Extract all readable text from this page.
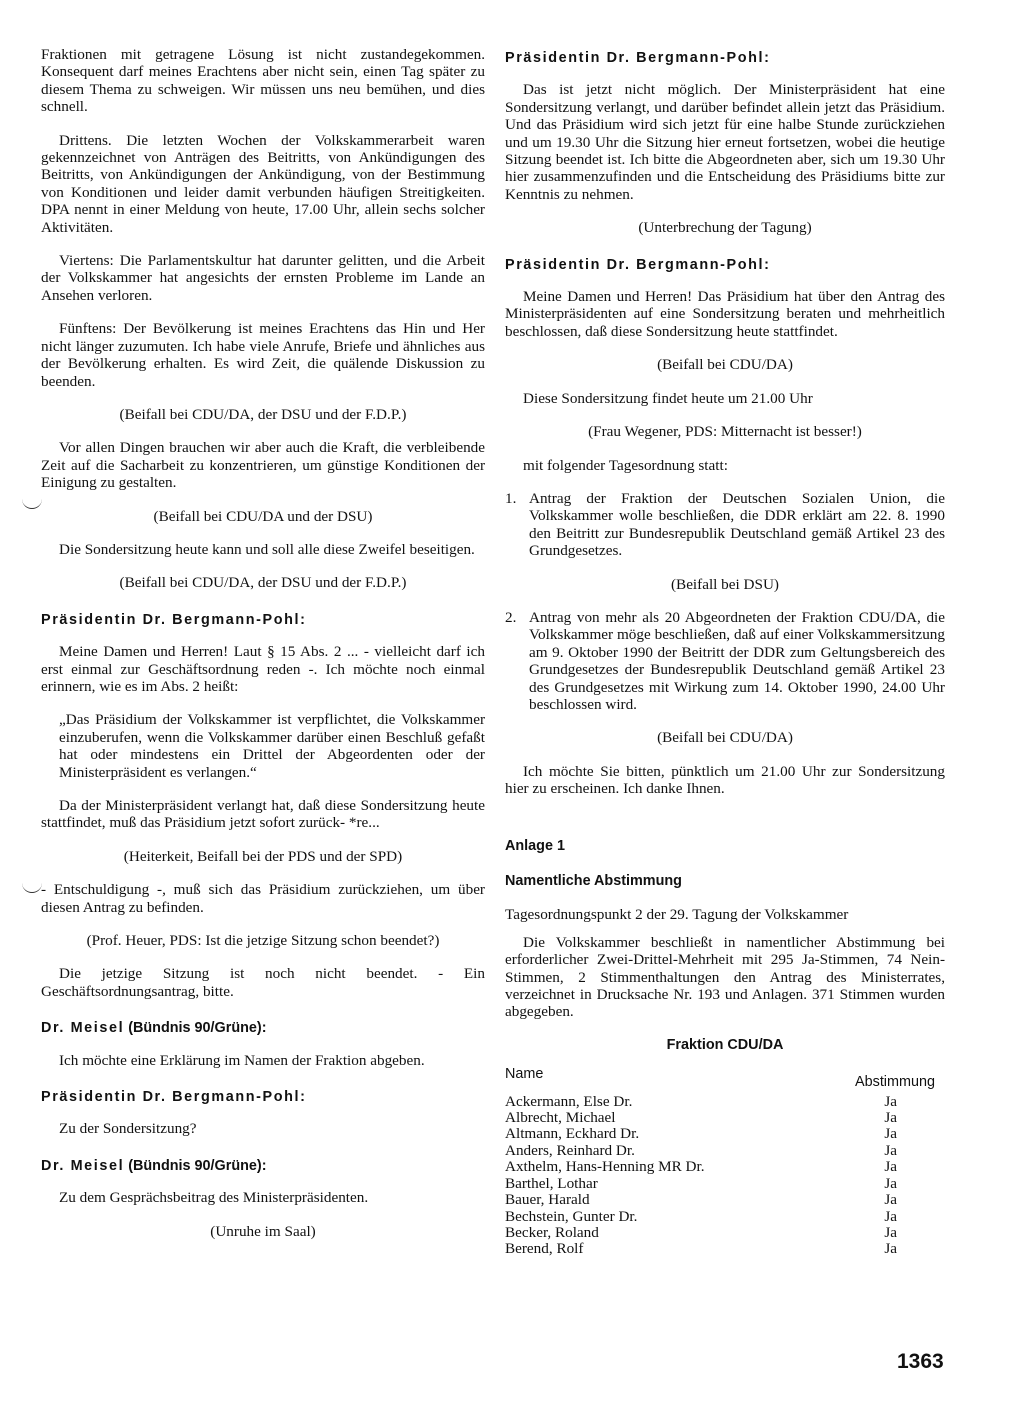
Fraktionen mit getragene Lösung ist nicht zustandegekommen. Konsequent darf meines Erachtens aber nicht sein, einen Tag später zu diesem Thema zu schweigen. Wir müssen uns neu bemühen, und dies schnell.

Drittens. Die letzten Wochen der Volkskammerarbeit waren gekennzeichnet von Anträgen des Beitritts, von Ankündigungen des Beitritts, von Ankündigungen der Ankündigung, von der Bestimmung von Konditionen und leider damit verbunden häufigen Streitigkeiten. DPA nennt in einer Meldung von heute, 17.00 Uhr, allein sechs solcher Aktivitäten.

Viertens: Die Parlamentskultur hat darunter gelitten, und die Arbeit der Volkskammer hat angesichts der ernsten Probleme im Lande an Ansehen verloren.

Fünftens: Der Bevölkerung ist meines Erachtens das Hin und Her nicht länger zuzumuten. Ich habe viele Anrufe, Briefe und ähnliches aus der Bevölkerung erhalten. Es wird Zeit, die quälende Diskussion zu beenden.

(Beifall bei CDU/DA, der DSU und der F.D.P.)

Vor allen Dingen brauchen wir aber auch die Kraft, die verbleibende Zeit auf die Sacharbeit zu konzentrieren, um günstige Konditionen der Einigung zu gestalten.

(Beifall bei CDU/DA und der DSU)

Die Sondersitzung heute kann und soll alle diese Zweifel beseitigen.

(Beifall bei CDU/DA, der DSU und der F.D.P.)

Präsidentin Dr. Bergmann-Pohl:

Meine Damen und Herren! Laut § 15 Abs. 2 ... - vielleicht darf ich erst einmal zur Geschäftsordnung reden -. Ich möchte noch einmal erinnern, wie es im Abs. 2 heißt:

„Das Präsidium der Volkskammer ist verpflichtet, die Volkskammer einzuberufen, wenn die Volkskammer darüber einen Beschluß gefaßt hat oder mindestens ein Drittel der Abgeordenten oder der Ministerpräsident es verlangen.“

Da der Ministerpräsident verlangt hat, daß diese Sondersitzung heute stattfindet, muß das Präsidium jetzt sofort zurück- *re...

(Heiterkeit, Beifall bei der PDS und der SPD)

- Entschuldigung -, muß sich das Präsidium zurückziehen, um über diesen Antrag zu befinden.

(Prof. Heuer, PDS: Ist die jetzige Sitzung schon beendet?)

Die jetzige Sitzung ist noch nicht beendet. - Ein Geschäftsordnungsantrag, bitte.

Dr. Meisel (Bündnis 90/Grüne):

Ich möchte eine Erklärung im Namen der Fraktion abgeben.

Präsidentin Dr. Bergmann-Pohl:

Zu der Sondersitzung?

Dr. Meisel (Bündnis 90/Grüne):

Zu dem Gesprächsbeitrag des Ministerpräsidenten.

(Unruhe im Saal)

Präsidentin Dr. Bergmann-Pohl:

Das ist jetzt nicht möglich. Der Ministerpräsident hat eine Sondersitzung verlangt, und darüber befindet allein jetzt das Präsidium. Und das Präsidium wird sich jetzt für eine halbe Stunde zurückziehen und um 19.30 Uhr die Sitzung hier erneut fortsetzen, wobei die heutige Sitzung beendet ist. Ich bitte die Abgeordneten aber, sich um 19.30 Uhr hier zusammenzufinden und die Entscheidung des Präsidiums bitte zur Kenntnis zu nehmen.

(Unterbrechung der Tagung)

Präsidentin Dr. Bergmann-Pohl:

Meine Damen und Herren! Das Präsidium hat über den Antrag des Ministerpräsidenten auf eine Sondersitzung beraten und mehrheitlich beschlossen, daß diese Sondersitzung heute stattfindet.

(Beifall bei CDU/DA)

Diese Sondersitzung findet heute um 21.00 Uhr

(Frau Wegener, PDS: Mitternacht ist besser!)

mit folgender Tagesordnung statt:

1. Antrag der Fraktion der Deutschen Sozialen Union, die Volkskammer wolle beschließen, die DDR erklärt am 22. 8. 1990 den Beitritt zur Bundesrepublik Deutschland gemäß Artikel 23 des Grundgesetzes.

(Beifall bei DSU)

2. Antrag von mehr als 20 Abgeordneten der Fraktion CDU/DA, die Volkskammer möge beschließen, daß auf einer Volkskammersitzung am 9. Oktober 1990 der Beitritt der DDR zum Geltungsbereich des Grundgesetzes der Bundesrepublik Deutschland gemäß Artikel 23 des Grundgesetzes mit Wirkung zum 14. Oktober 1990, 24.00 Uhr beschlossen wird.

(Beifall bei CDU/DA)

Ich möchte Sie bitten, pünktlich um 21.00 Uhr zur Sondersitzung hier zu erscheinen. Ich danke Ihnen.

Anlage 1
Namentliche Abstimmung

Tagesordnungspunkt 2 der 29. Tagung der Volkskammer

Die Volkskammer beschließt in namentlicher Abstimmung bei erforderlicher Zwei-Drittel-Mehrheit mit 295 Ja-Stimmen, 74 Nein-Stimmen, 2 Stimmenthaltungen den Antrag des Ministerrates, verzeichnet in Drucksache Nr. 193 und Anlagen. 371 Stimmen wurden abgegeben.

Fraktion CDU/DA
Name	Abstimmung
Ackermann, Else Dr.	Ja
Albrecht, Michael	Ja
Altmann, Eckhard Dr.	Ja
Anders, Reinhard Dr.	Ja
Axthelm, Hans-Henning MR Dr.	Ja
Barthel, Lothar	Ja
Bauer, Harald	Ja
Bechstein, Gunter Dr.	Ja
Becker, Roland	Ja
Berend, Rolf	Ja
1363
